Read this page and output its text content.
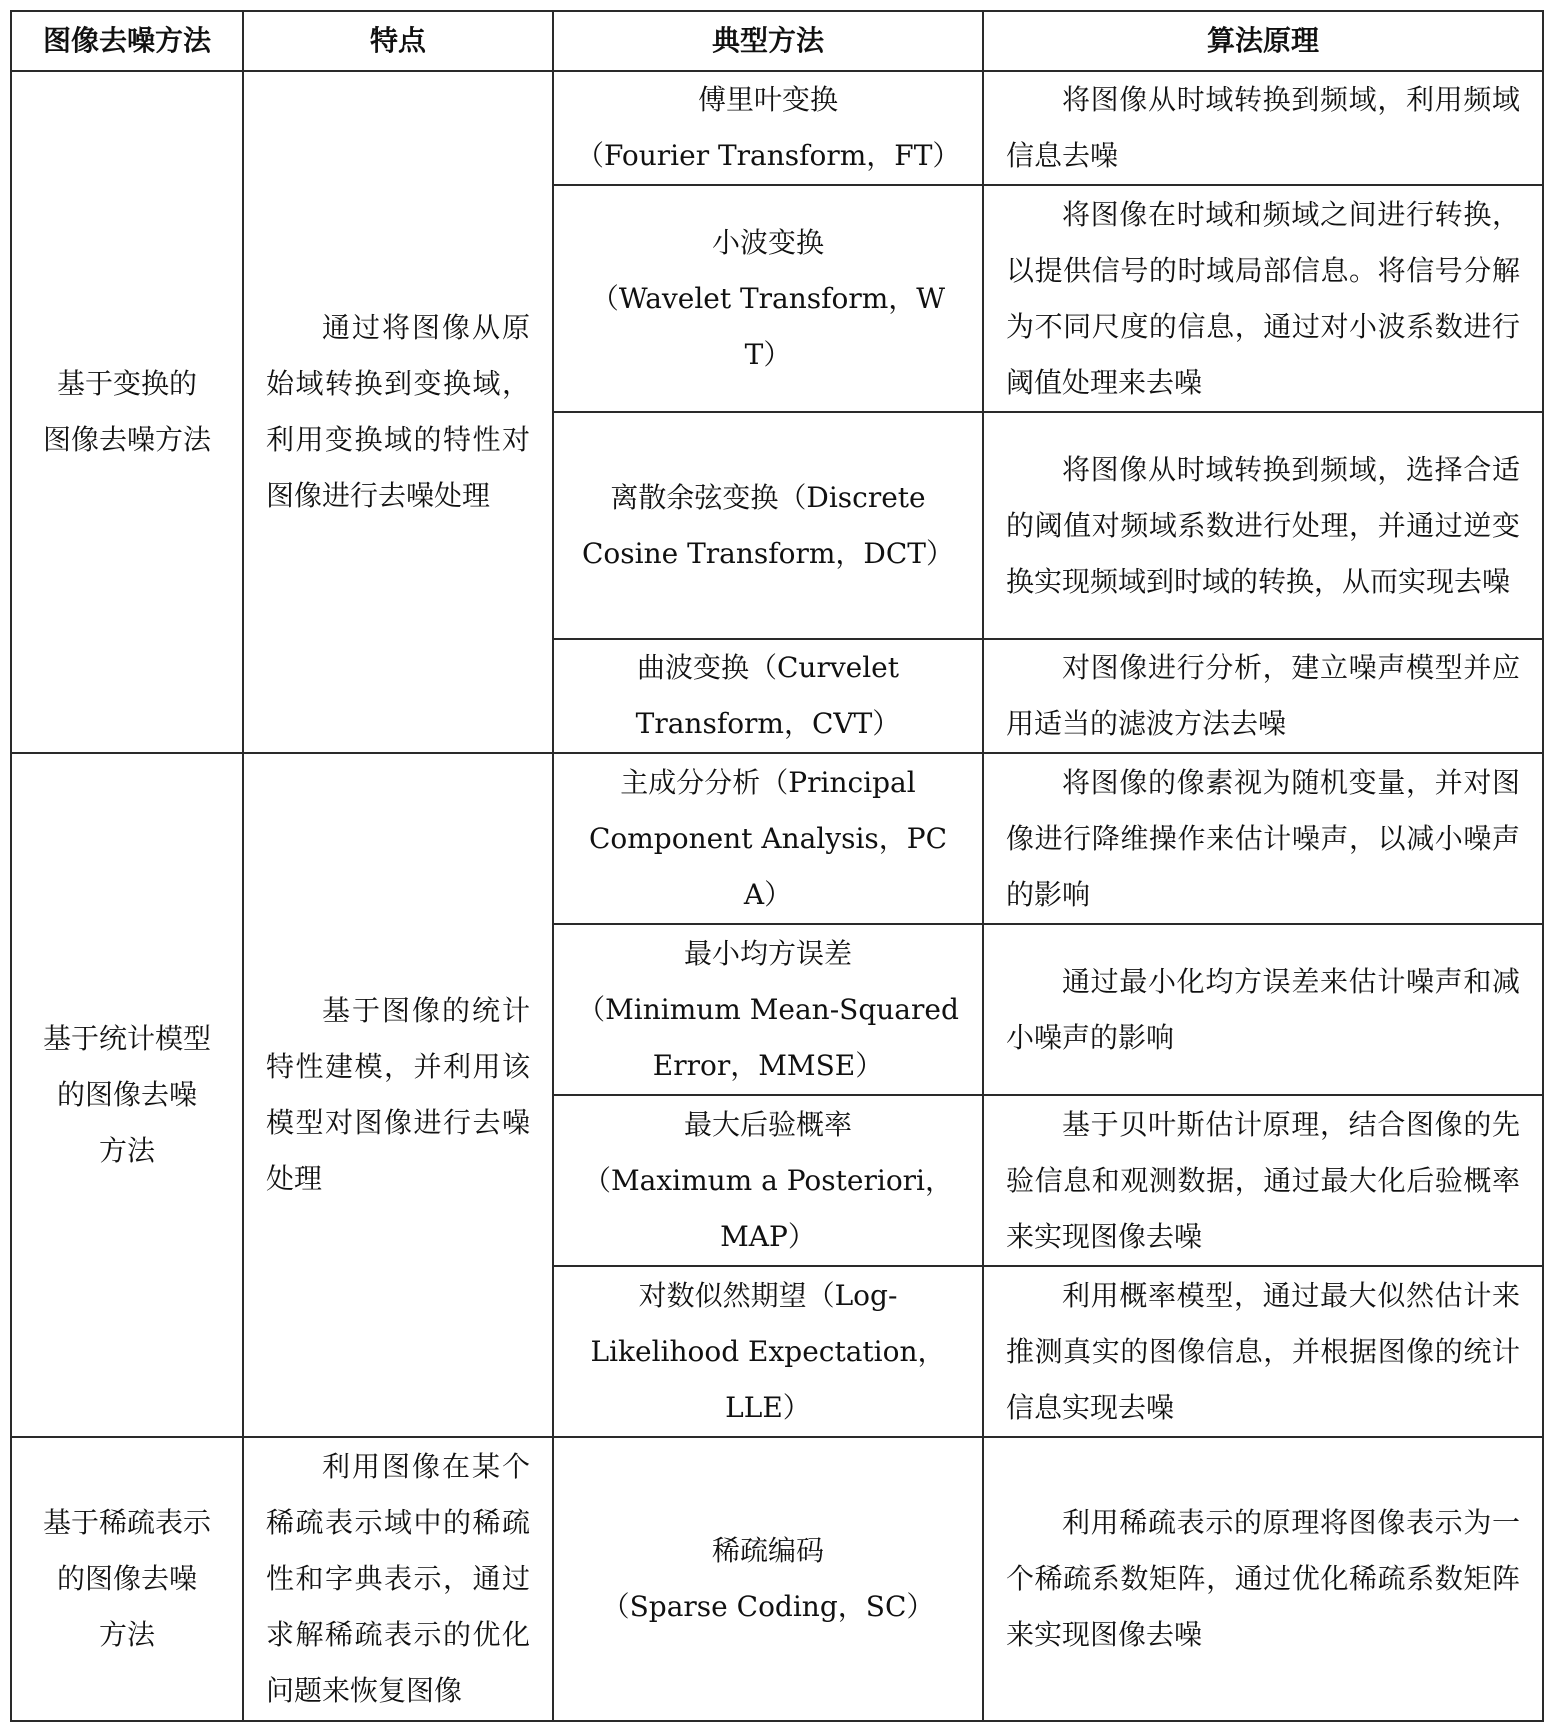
图像去噪方法	特点	典型方法	算法原理

基于变换的
图像去噪方法	通过将图像从原始域转换到变换域，利用变换域的特性对图像进行去噪处理	傅里叶变换
（Fourier Transform，FT）	将图像从时域转换到频域，利用频域信息去噪

		小波变换
（Wavelet Transform，WT）	将图像在时域和频域之间进行转换，以提供信号的时域局部信息。将信号分解为不同尺度的信息，通过对小波系数进行阈值处理来去噪

		离散余弦变换（Discrete
Cosine Transform，DCT）	将图像从时域转换到频域，选择合适的阈值对频域系数进行处理，并通过逆变换实现频域到时域的转换，从而实现去噪

		曲波变换（Curvelet
Transform，CVT）	对图像进行分析，建立噪声模型并应用适当的滤波方法去噪

基于统计模型
的图像去噪
方法	基于图像的统计特性建模，并利用该模型对图像进行去噪处理	主成分分析（Principal
Component Analysis，PCA）	将图像的像素视为随机变量，并对图像进行降维操作来估计噪声，以减小噪声的影响

		最小均方误差
（Minimum Mean-Squared
Error，MMSE）	通过最小化均方误差来估计噪声和减小噪声的影响

		最大后验概率
（Maximum a Posteriori，
MAP）	基于贝叶斯估计原理，结合图像的先验信息和观测数据，通过最大化后验概率来实现图像去噪

		对数似然期望（Log-
Likelihood Expectation，
LLE）	利用概率模型，通过最大似然估计来推测真实的图像信息，并根据图像的统计信息实现去噪

基于稀疏表示
的图像去噪
方法	利用图像在某个稀疏表示域中的稀疏性和字典表示，通过求解稀疏表示的优化问题来恢复图像	稀疏编码
（Sparse Coding，SC）	利用稀疏表示的原理将图像表示为一个稀疏系数矩阵，通过优化稀疏系数矩阵来实现图像去噪
